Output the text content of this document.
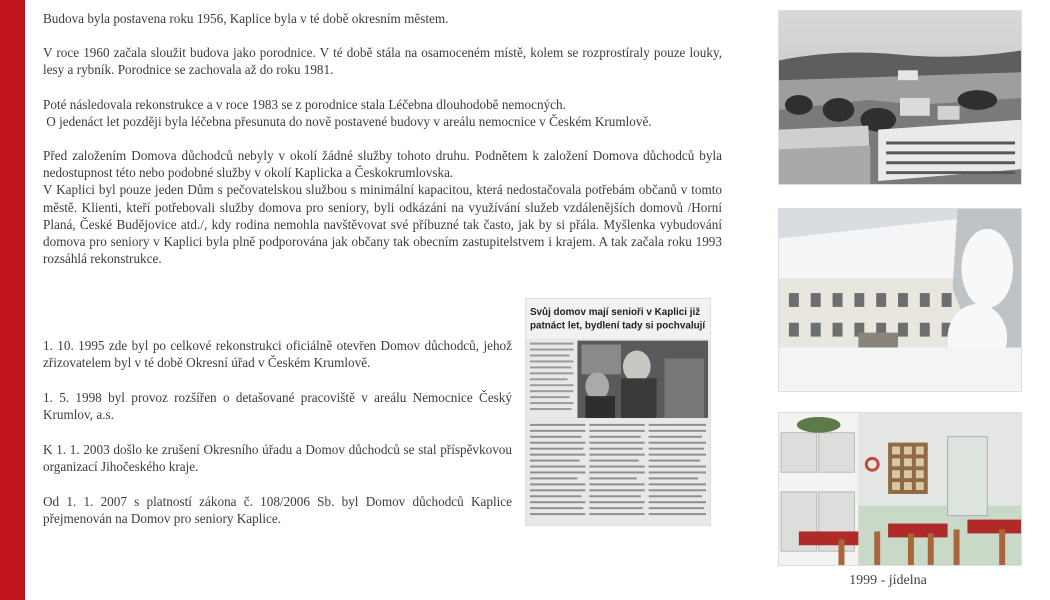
Budova byla postavena roku 1956, Kaplice byla v té době okresním městem.

V roce 1960 začala sloužit budova jako porodnice. V té době stála na osamoceném místě, kolem se rozprostíraly pouze louky, lesy a rybník. Porodnice se zachovala až do roku 1981.

Poté následovala rekonstrukce a v roce 1983 se z porodnice stala Léčebna dlouhodobě nemocných.

O jedenáct let později byla léčebna přesunuta do nově postavené budovy v areálu nemocnice v Českém Krumlově.

Před založením Domova důchodců nebyly v okolí žádné služby tohoto druhu. Podnětem k založení Domova důchodců byla nedostupnost této nebo podobné služby v okolí Kaplicka a Českokrumlovska.

V Kaplici byl pouze jeden Dům s pečovatelskou službou s minimální kapacitou, která nedostačovala potřebám občanů v tomto městě. Klienti, kteří potřebovali služby domova pro seniory, byli odkázáni na využívání služeb vzdálenějších domovů /Horní Planá, České Budějovice atd./, kdy rodina nemohla navštěvovat své příbuzné tak často, jak by si přála. Myšlenka vybudování domova pro seniory v Kaplici byla plně podporována jak občany tak obecním zastupitelstvem i krajem. A tak začala roku 1993 rozsáhlá rekonstrukce.

1. 10. 1995 zde byl po celkové rekonstrukci oficiálně otevřen Domov důchodců, jehož zřizovatelem byl v té době Okresní úřad v Českém Krumlově.

1. 5. 1998 byl provoz rozšířen o detašované pracoviště v areálu Nemocnice Český Krumlov, a.s.

K 1. 1. 2003 došlo ke zrušení Okresního úřadu a Domov důchodců se stal příspěvkovou organizací Jihočeského kraje.

Od 1. 1. 2007 s platností zákona č. 108/2006 Sb. byl Domov důchodců Kaplice přejmenován na Domov pro seniory Kaplice.

Svůj domov mají senioři v Kaplici již
patnáct let, bydlení tady si pochvalují
1999 - jídelna
